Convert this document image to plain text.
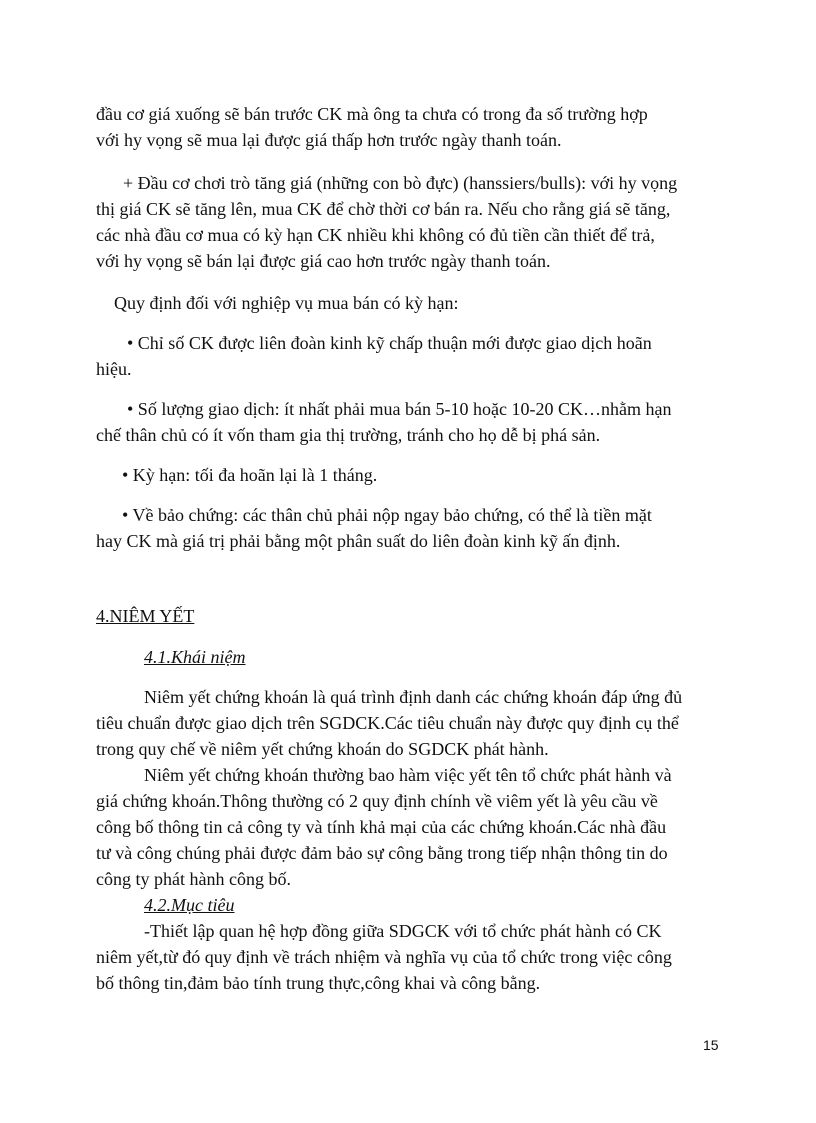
đầu cơ giá xuống sẽ bán trước CK mà ông ta chưa có trong đa số trường hợp
với hy vọng sẽ mua lại được giá thấp hơn trước ngày thanh toán.
+ Đầu cơ chơi trò tăng giá (những con bò đực) (hanssiers/bulls): với hy vọng
thị giá CK sẽ tăng lên, mua CK để chờ thời cơ bán ra. Nếu cho rằng giá sẽ tăng,
các nhà đầu cơ mua có kỳ hạn CK nhiều khi không có đủ tiền cần thiết để trả,
với hy vọng sẽ bán lại được giá cao hơn trước ngày thanh toán.
Quy định đối với nghiệp vụ mua bán có kỳ hạn:
• Chỉ số CK được liên đoàn kinh kỹ chấp thuận mới được giao dịch hoãn
hiệu.
• Số lượng giao dịch: ít nhất phải mua bán 5-10 hoặc 10-20 CK…nhằm hạn
chế thân chủ có ít vốn tham gia thị trường, tránh cho họ dễ bị phá sản.
• Kỳ hạn: tối đa hoãn lại là 1 tháng.
• Về bảo chứng: các thân chủ phải nộp ngay bảo chứng, có thể là tiền mặt
hay CK mà giá trị phải bằng một phân suất do liên đoàn kinh kỹ ấn định.
4.NIÊM YẾT
4.1.Khái niệm
Niêm yết chứng khoán là quá trình định danh các chứng khoán đáp ứng đủ
tiêu chuẩn được giao dịch trên SGDCK.Các tiêu chuẩn này được quy định cụ thể
trong quy chế về niêm yết chứng khoán do SGDCK phát hành.
Niêm yết chứng khoán thường bao hàm việc yết tên tổ chức phát hành và
giá chứng khoán.Thông thường có 2 quy định chính về viêm yết là yêu cầu về
công bố thông tin cả công ty và tính khả mại của các chứng khoán.Các nhà đầu
tư và công chúng phải được đảm bảo sự công bằng trong tiếp nhận thông tin do
công ty phát hành công bố.
4.2.Mục tiêu
-Thiết lập quan hệ hợp đồng giữa SDGCK với tổ chức phát hành có CK
niêm yết,từ đó quy định về trách nhiệm và nghĩa vụ của tổ chức trong việc công
bố thông tin,đảm bảo tính trung thực,công khai và công bằng.
15
